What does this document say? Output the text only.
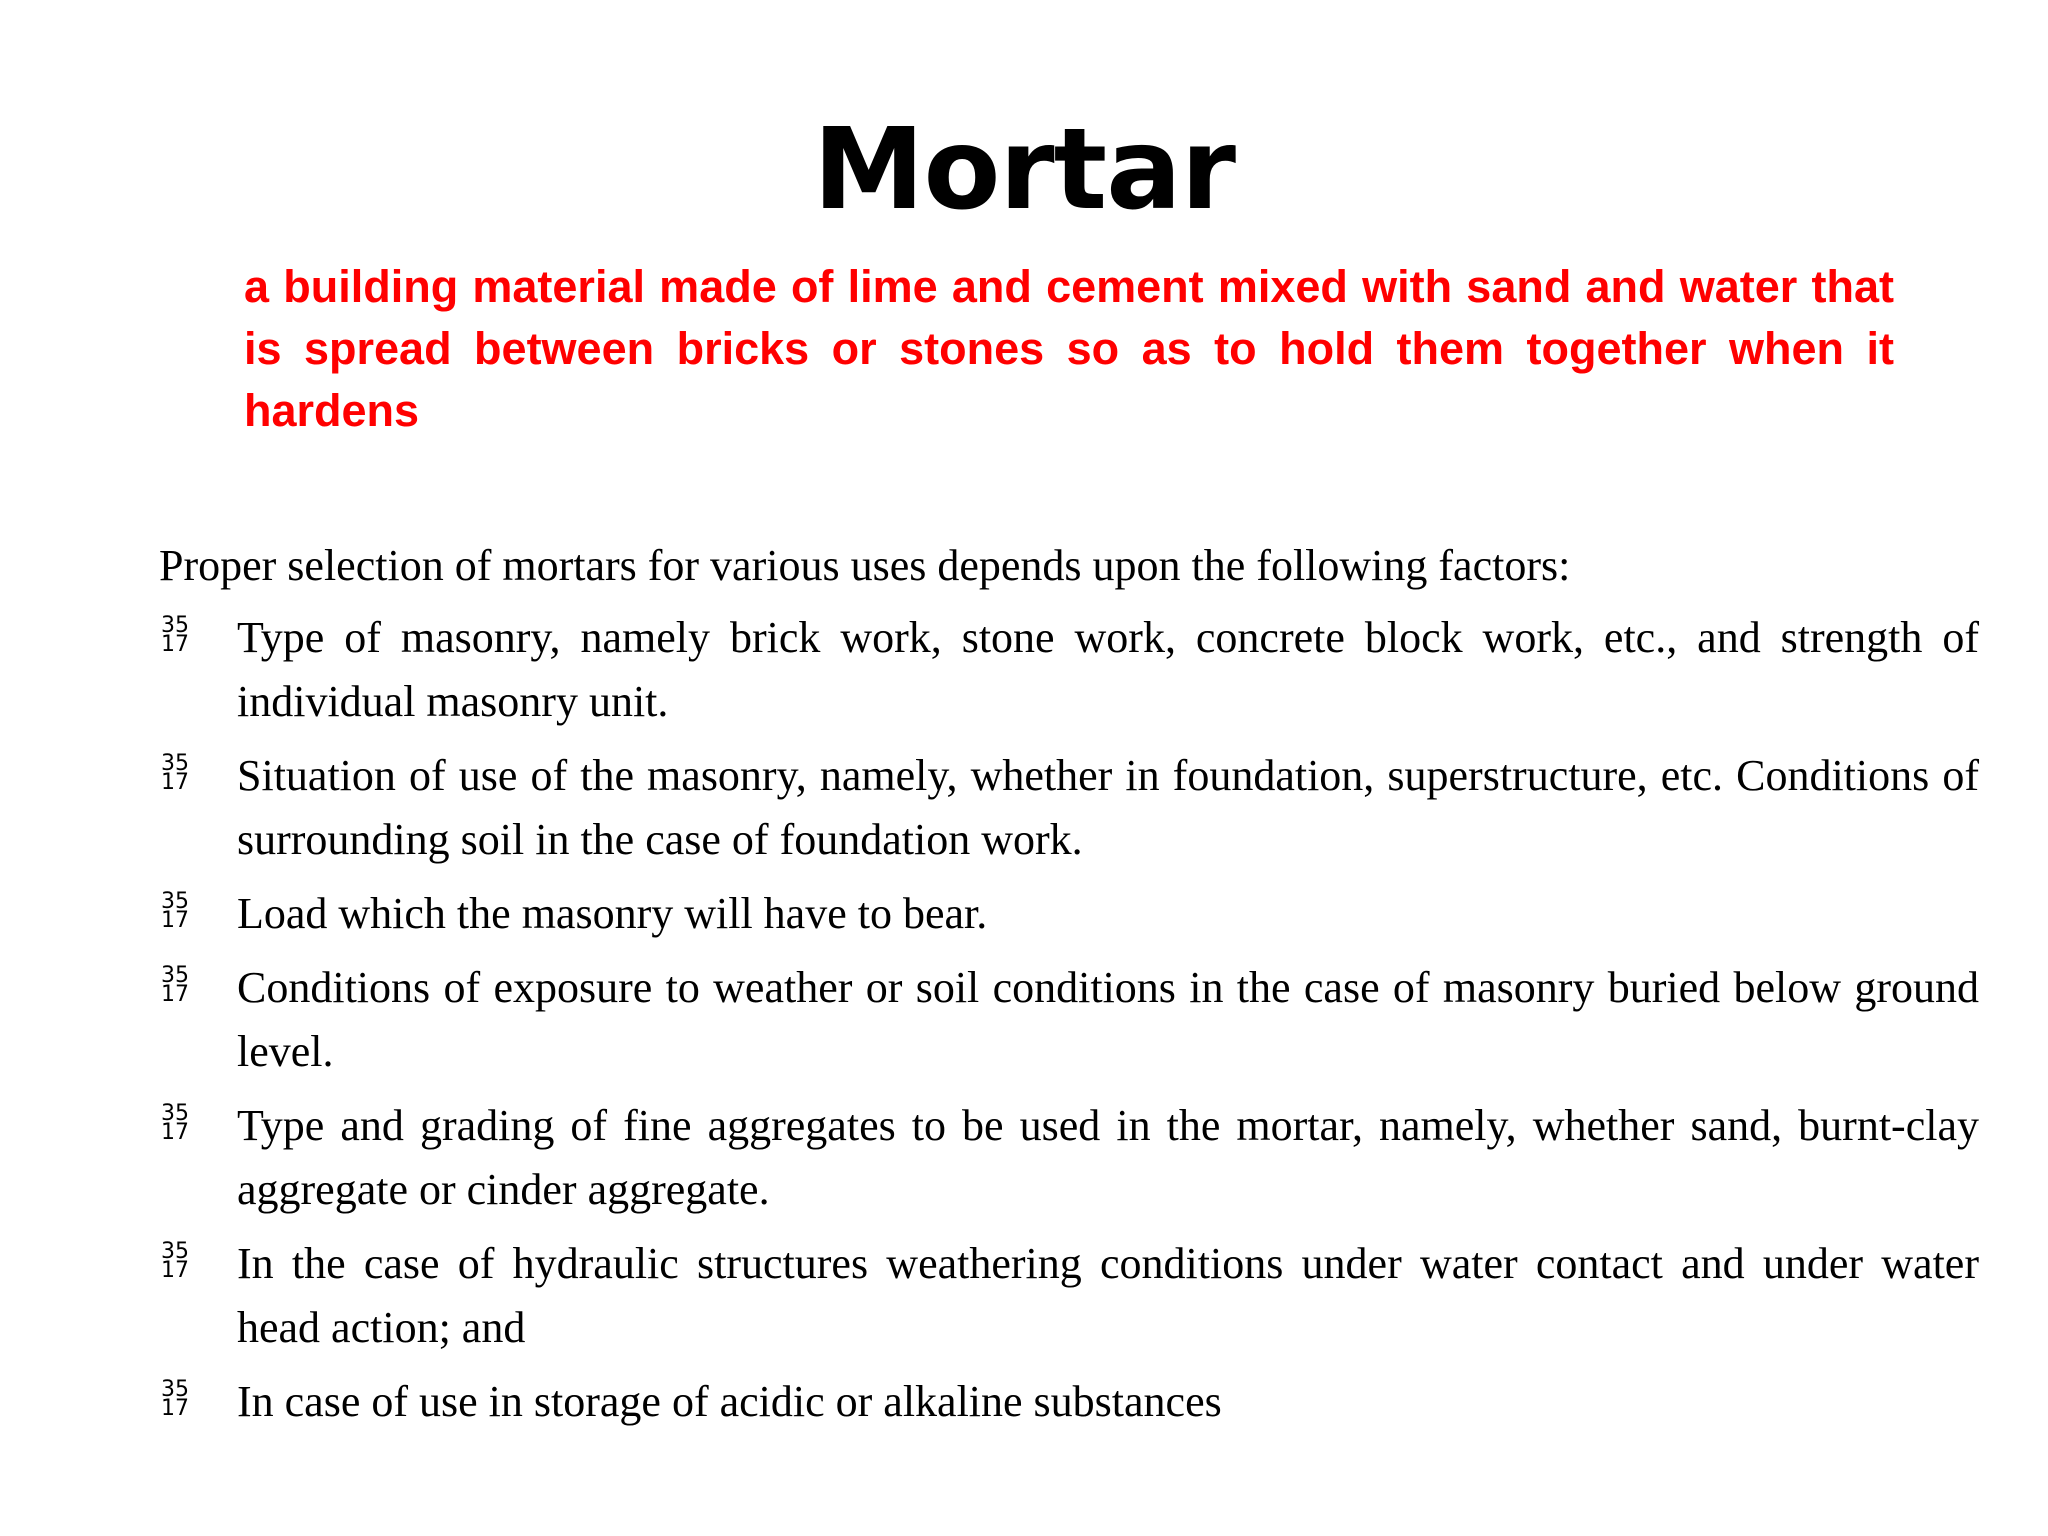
Mortar

a building material made of lime and cement mixed with sand and water that is spread between bricks or stones so as to hold them together when it hardens

Proper selection of mortars for various uses depends upon the following factors:

35
17 Type of masonry, namely brick work, stone work, concrete block work, etc., and strength of individual masonry unit.
35
17 Situation of use of the masonry, namely, whether in foundation, superstructure, etc. Conditions of surrounding soil in the case of foundation work.
35
17 Load which the masonry will have to bear.
35
17 Conditions of exposure to weather or soil conditions in the case of masonry buried below ground level.
35
17 Type and grading of fine aggregates to be used in the mortar, namely, whether sand, burnt-clay aggregate or cinder aggregate.
35
17 In the case of hydraulic structures weathering conditions under water contact and under water head action; and
35
17 In case of use in storage of acidic or alkaline substances
